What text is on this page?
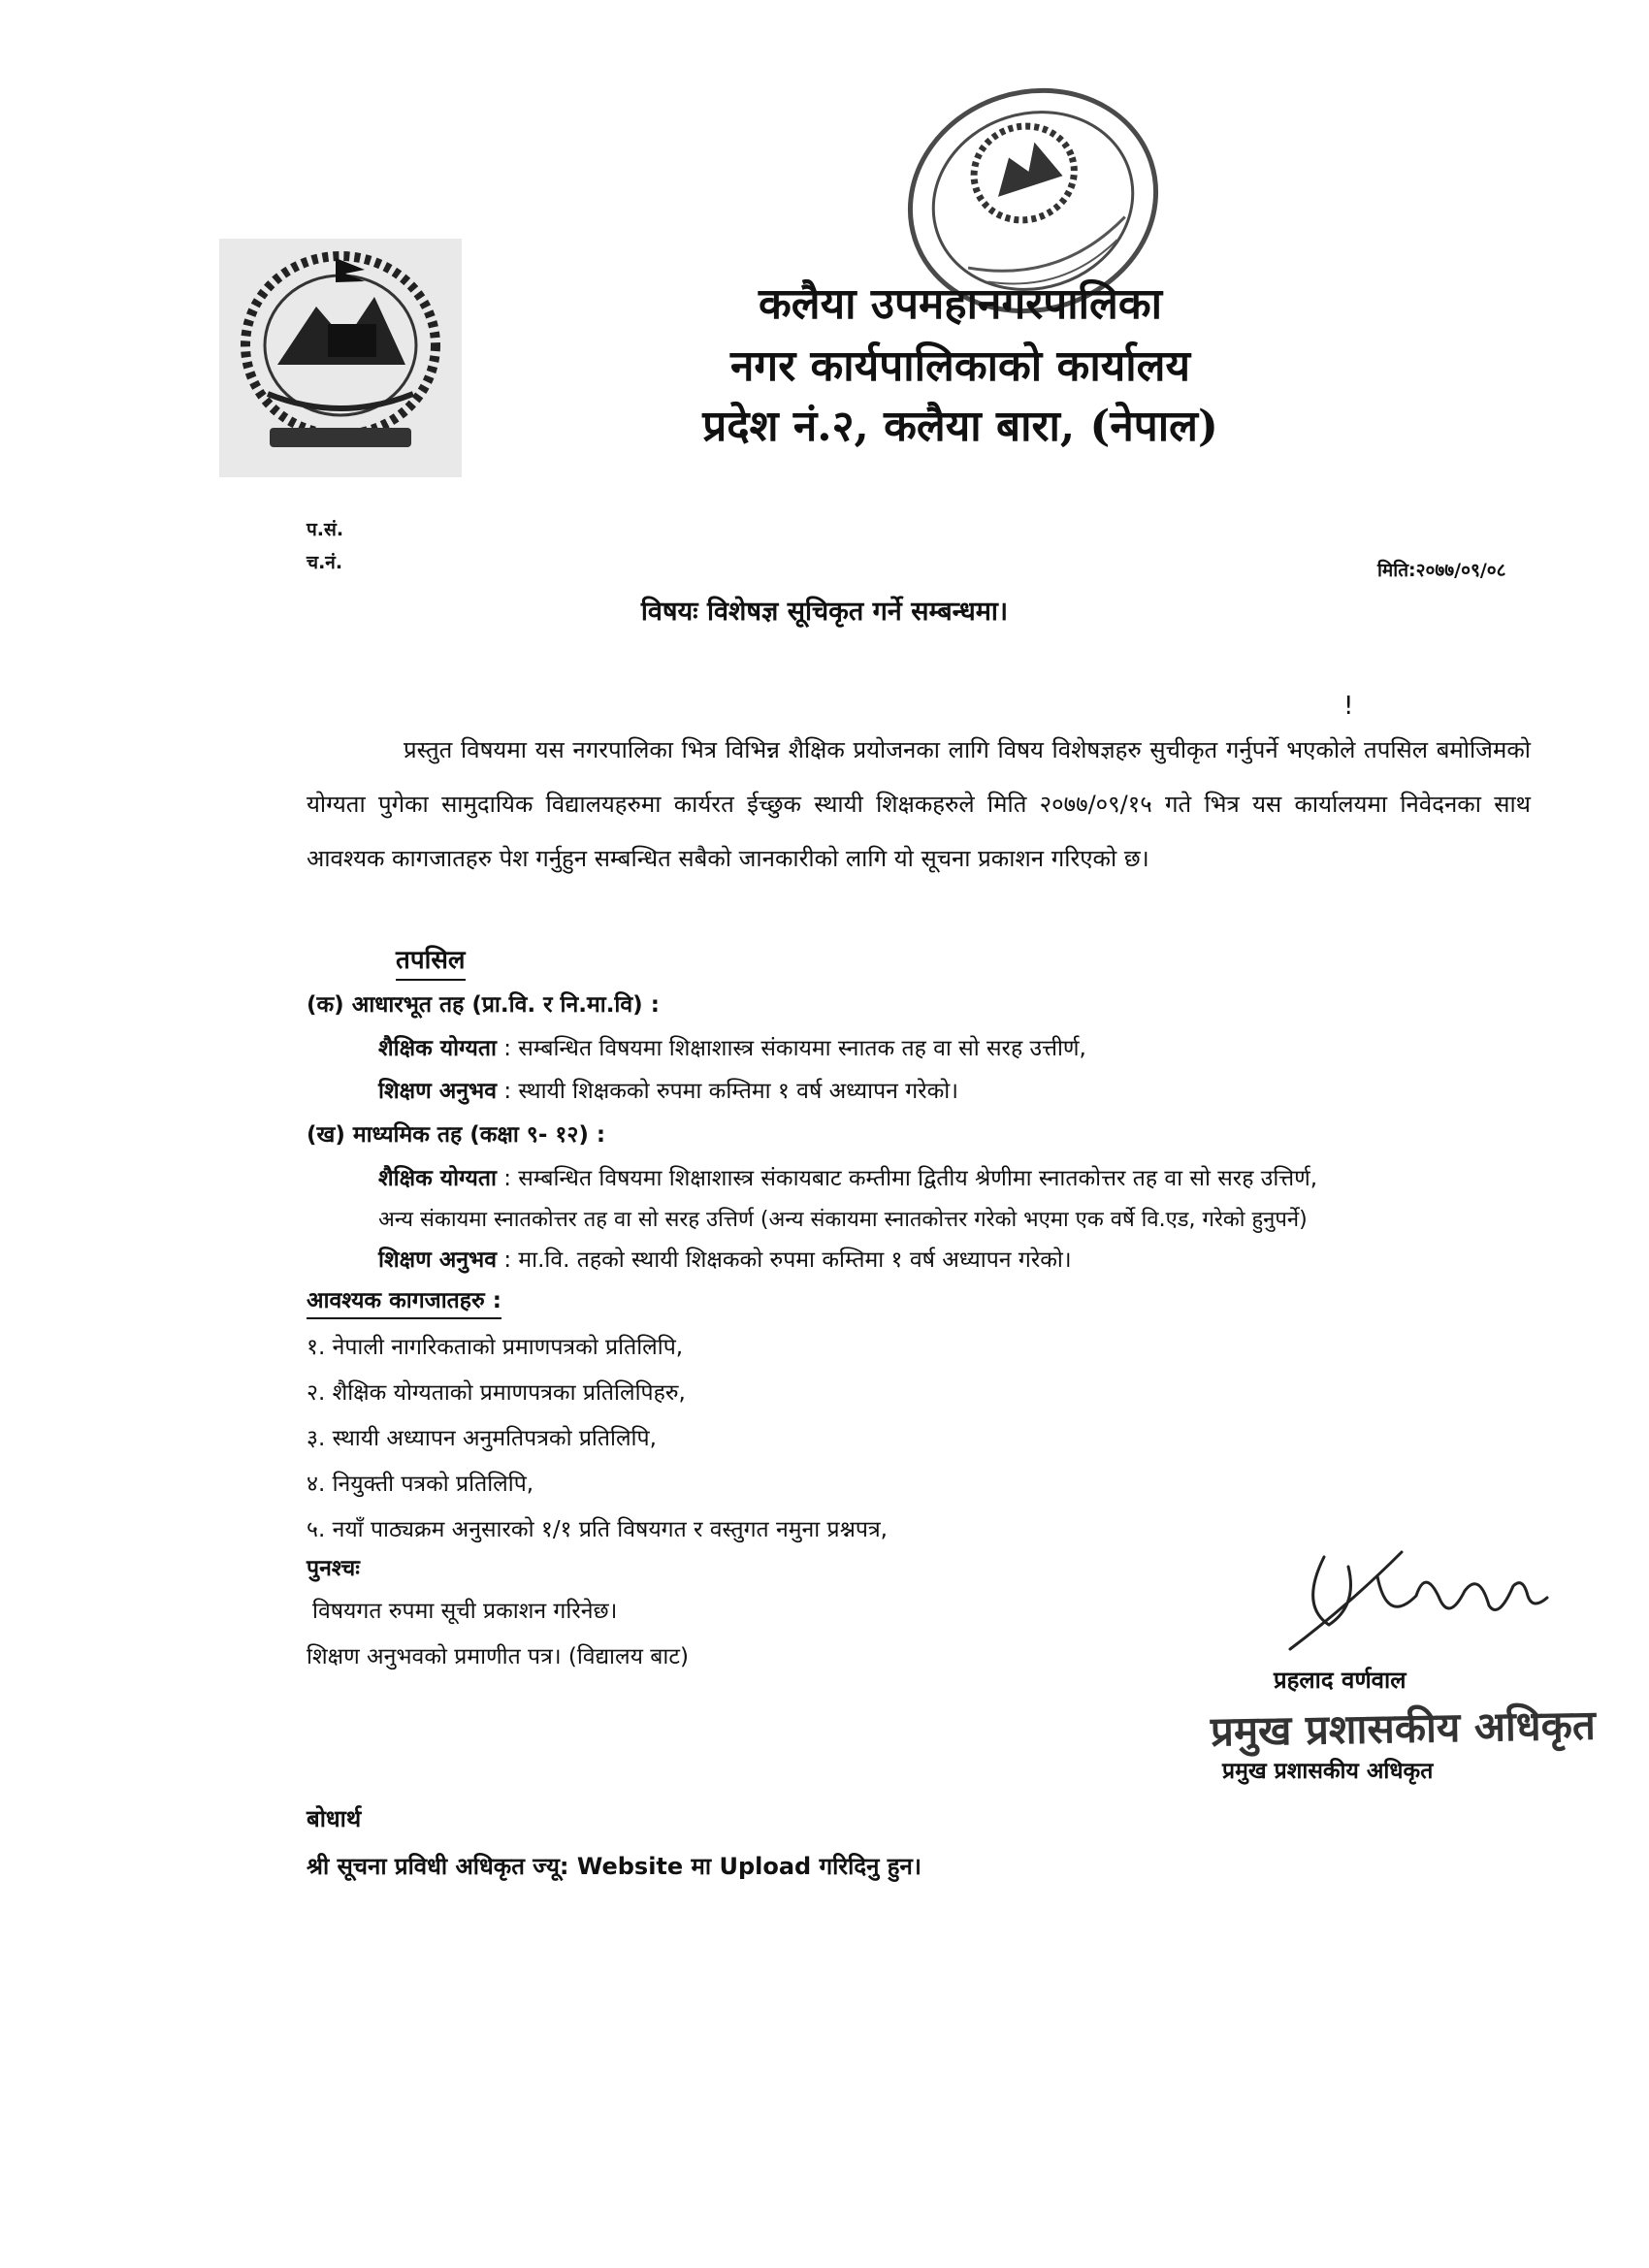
कलैया उपमहानगरपालिका
नगर कार्यपालिकाको कार्यालय
प्रदेश नं.२, कलैया बारा, (नेपाल)
प.सं.
च.नं.	मिति:२०७७/०९/०८
विषयः विशेषज्ञ सूचिकृत गर्ने सम्बन्धमा।
!
प्रस्तुत विषयमा यस नगरपालिका भित्र विभिन्न शैक्षिक प्रयोजनका लागि विषय विशेषज्ञहरु सुचीकृत गर्नुपर्ने भएकोले तपसिल बमोजिमको योग्यता पुगेका सामुदायिक विद्यालयहरुमा कार्यरत ईच्छुक स्थायी शिक्षकहरुले मिति २०७७/०९/१५ गते भित्र यस कार्यालयमा निवेदनका साथ आवश्यक कागजातहरु पेश गर्नुहुन सम्बन्धित सबैको जानकारीको लागि यो सूचना प्रकाशन गरिएको छ।
तपसिल
(क) आधारभूत तह (प्रा.वि. र नि.मा.वि) :
शैक्षिक योग्यता : सम्बन्धित विषयमा शिक्षाशास्त्र संकायमा स्नातक तह वा सो सरह उत्तीर्ण,
शिक्षण अनुभव : स्थायी शिक्षकको रुपमा कम्तिमा १ वर्ष अध्यापन गरेको।
(ख) माध्यमिक तह (कक्षा ९- १२) :
शैक्षिक योग्यता : सम्बन्धित विषयमा शिक्षाशास्त्र संकायबाट कम्तीमा द्वितीय श्रेणीमा स्नातकोत्तर तह वा सो सरह उत्तिर्ण,
अन्य संकायमा स्नातकोत्तर तह वा सो सरह उत्तिर्ण (अन्य संकायमा स्नातकोत्तर गरेको भएमा एक वर्षे वि.एड, गरेको हुनुपर्ने)
शिक्षण अनुभव : मा.वि. तहको स्थायी शिक्षकको रुपमा कम्तिमा १ वर्ष अध्यापन गरेको।
आवश्यक कागजातहरु :
१. नेपाली नागरिकताको प्रमाणपत्रको प्रतिलिपि,
२. शैक्षिक योग्यताको प्रमाणपत्रका प्रतिलिपिहरु,
३. स्थायी अध्यापन अनुमतिपत्रको प्रतिलिपि,
४. नियुक्ती पत्रको प्रतिलिपि,
५. नयाँ पाठ्यक्रम अनुसारको १/१ प्रति विषयगत र वस्तुगत नमुना प्रश्नपत्र,
पुनश्चः
विषयगत रुपमा सूची प्रकाशन गरिनेछ।
शिक्षण अनुभवको प्रमाणीत पत्र। (विद्यालय बाट)
प्रहलाद वर्णवाल
प्रमुख प्रशासकीय अधिकृत
प्रमुख प्रशासकीय अधिकृत
बोधार्थ
श्री सूचना प्रविधी अधिकृत ज्यू: Website मा Upload गरिदिनु हुन।
